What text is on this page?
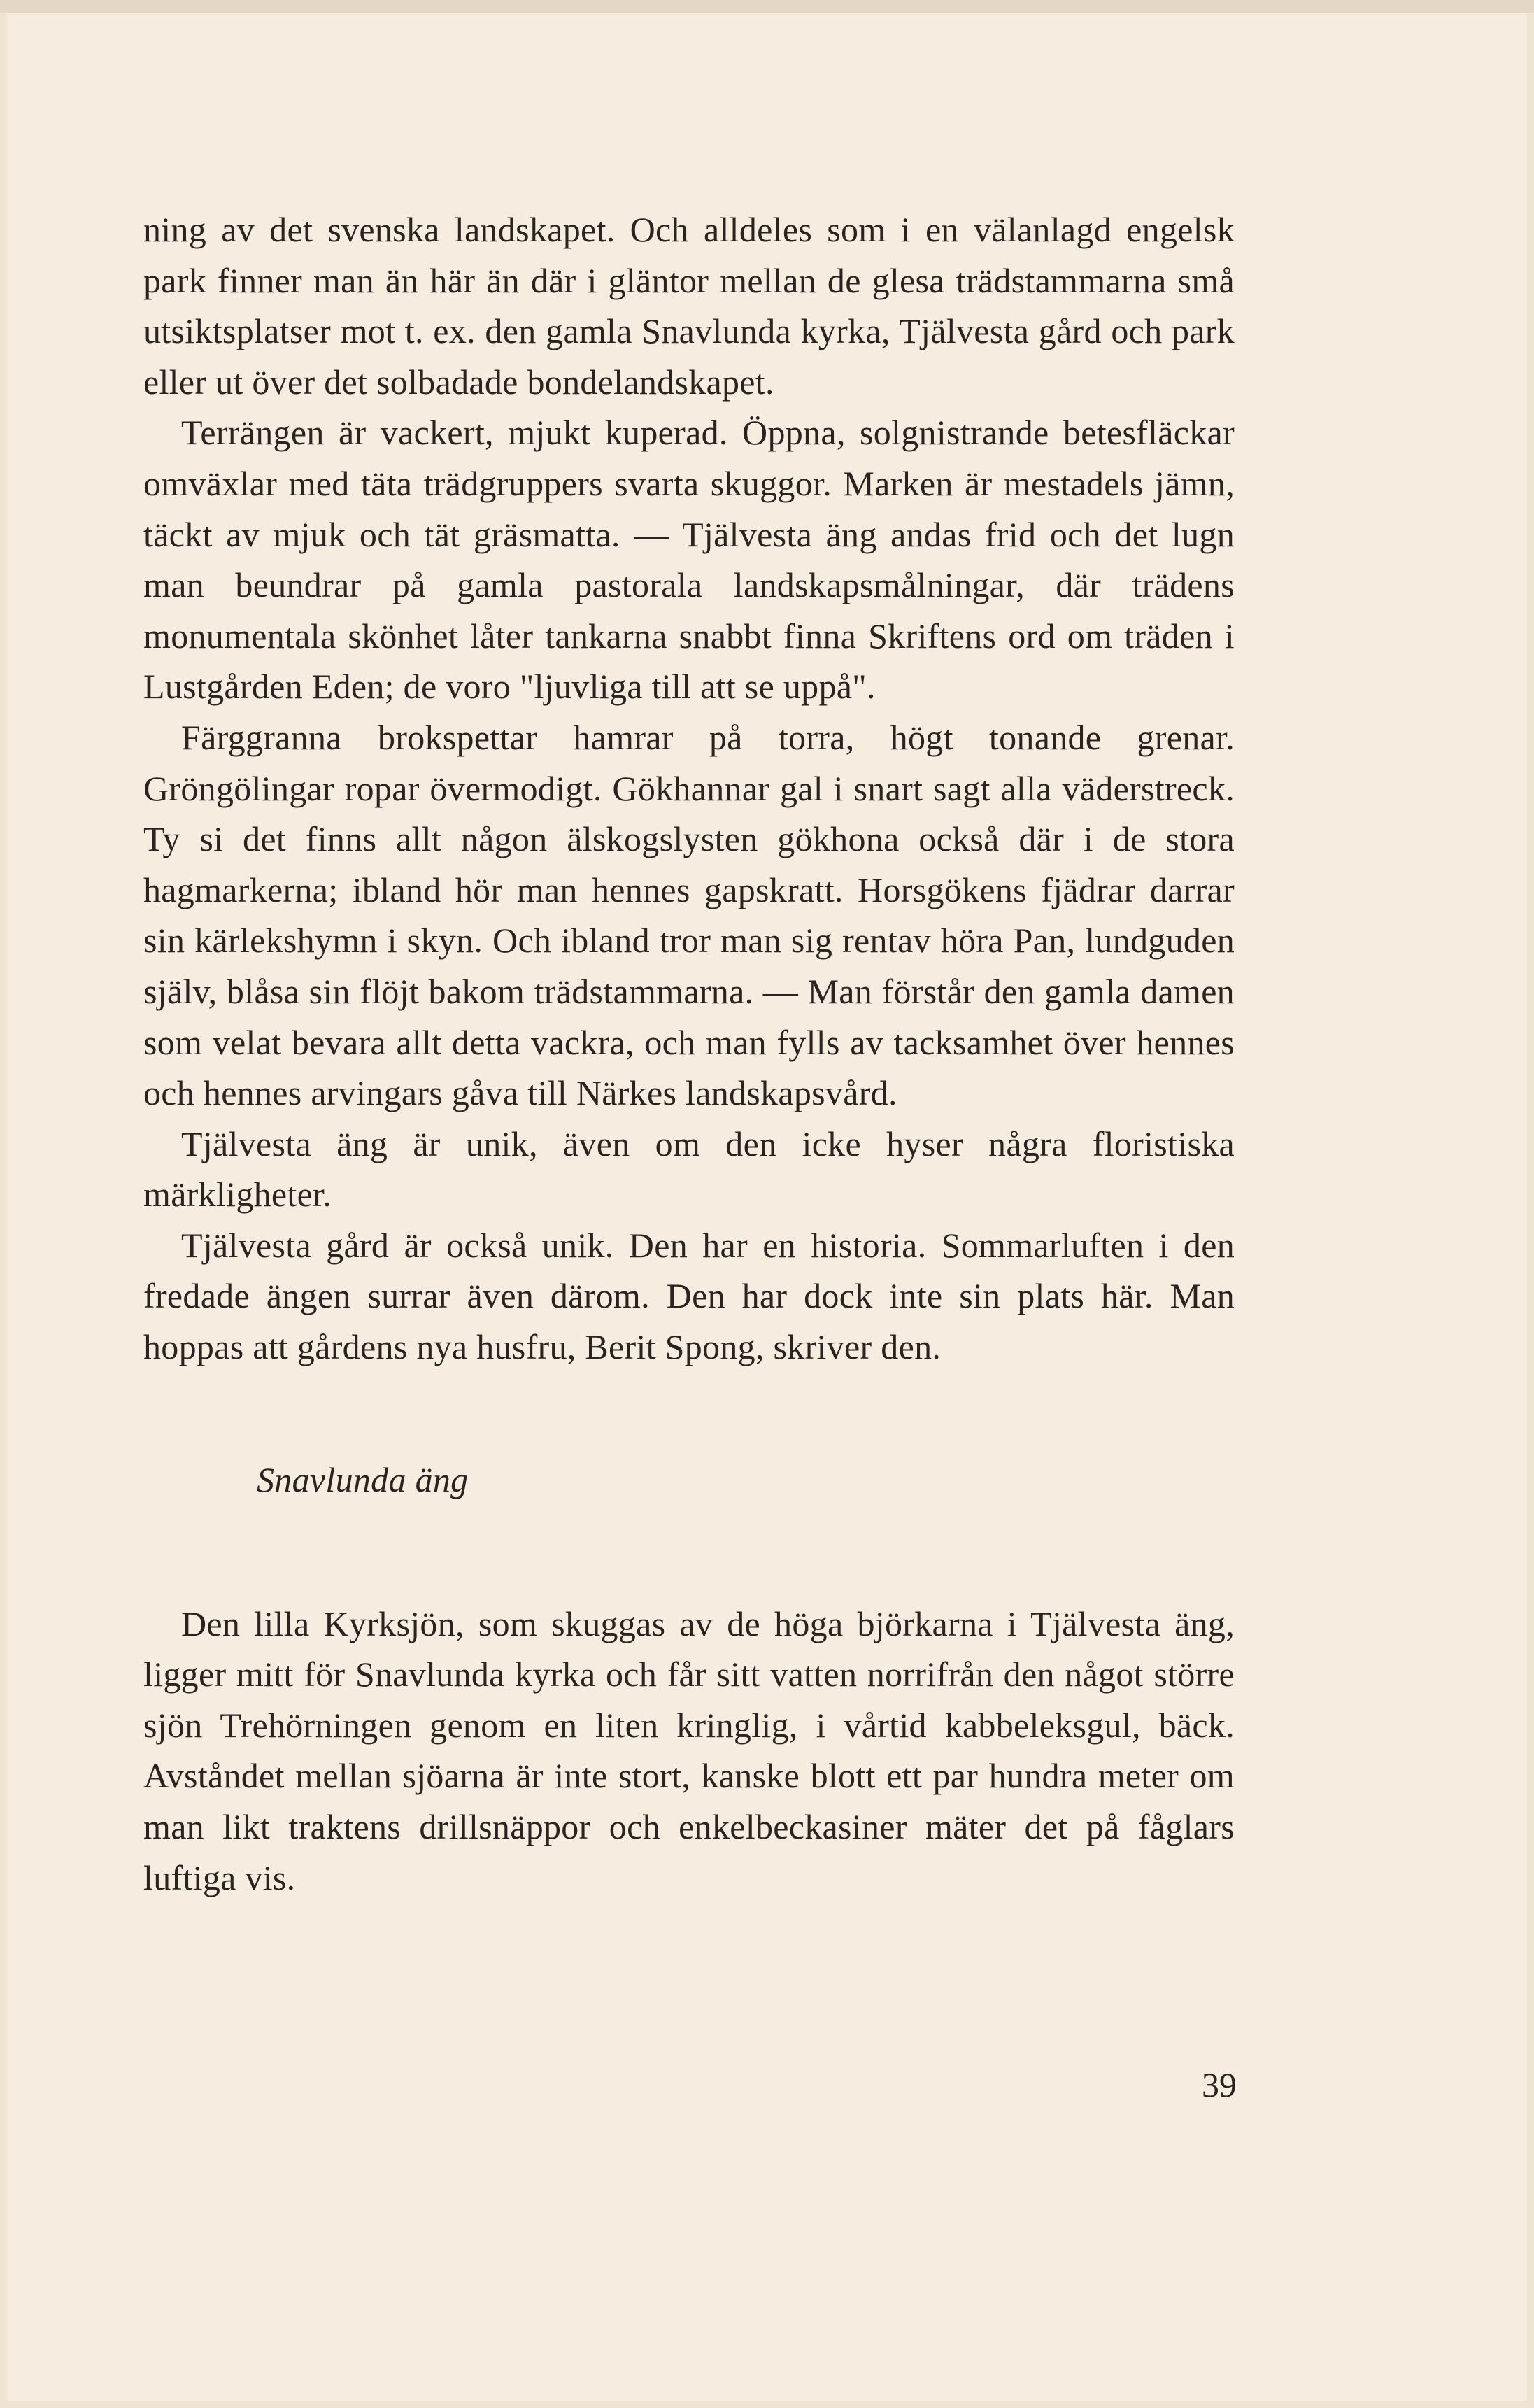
ning av det svenska landskapet. Och alldeles som i en välanlagd engelsk park finner man än här än där i gläntor mellan de glesa trädstammarna små utsiktsplatser mot t. ex. den gamla Snavlunda kyrka, Tjälvesta gård och park eller ut över det solbadade bondelandskapet.

Terrängen är vackert, mjukt kuperad. Öppna, solgnistrande betesfläckar omväxlar med täta trädgruppers svarta skuggor. Marken är mestadels jämn, täckt av mjuk och tät gräsmatta. — Tjälvesta äng andas frid och det lugn man beundrar på gamla pastorala landskapsmålningar, där trädens monumentala skönhet låter tankarna snabbt finna Skriftens ord om träden i Lustgården Eden; de voro "ljuvliga till att se uppå".

Färggranna brokspettar hamrar på torra, högt tonande grenar. Gröngölingar ropar övermodigt. Gökhannar gal i snart sagt alla väderstreck. Ty si det finns allt någon älskogslysten gökhona också där i de stora hagmarkerna; ibland hör man hennes gapskratt. Horsgökens fjädrar darrar sin kärlekshymn i skyn. Och ibland tror man sig rentav höra Pan, lundguden själv, blåsa sin flöjt bakom trädstammarna. — Man förstår den gamla damen som velat bevara allt detta vackra, och man fylls av tacksamhet över hennes och hennes arvingars gåva till Närkes landskapsvård.

Tjälvesta äng är unik, även om den icke hyser några floristiska märkligheter.

Tjälvesta gård är också unik. Den har en historia. Sommarluften i den fredade ängen surrar även därom. Den har dock inte sin plats här. Man hoppas att gårdens nya husfru, Berit Spong, skriver den.

Snavlunda äng

Den lilla Kyrksjön, som skuggas av de höga björkarna i Tjälvesta äng, ligger mitt för Snavlunda kyrka och får sitt vatten norrifrån den något större sjön Trehörningen genom en liten kringlig, i vårtid kabbeleksgul, bäck. Avståndet mellan sjöarna är inte stort, kanske blott ett par hundra meter om man likt traktens drillsnäppor och enkelbeckasiner mäter det på fåglars luftiga vis.

39
